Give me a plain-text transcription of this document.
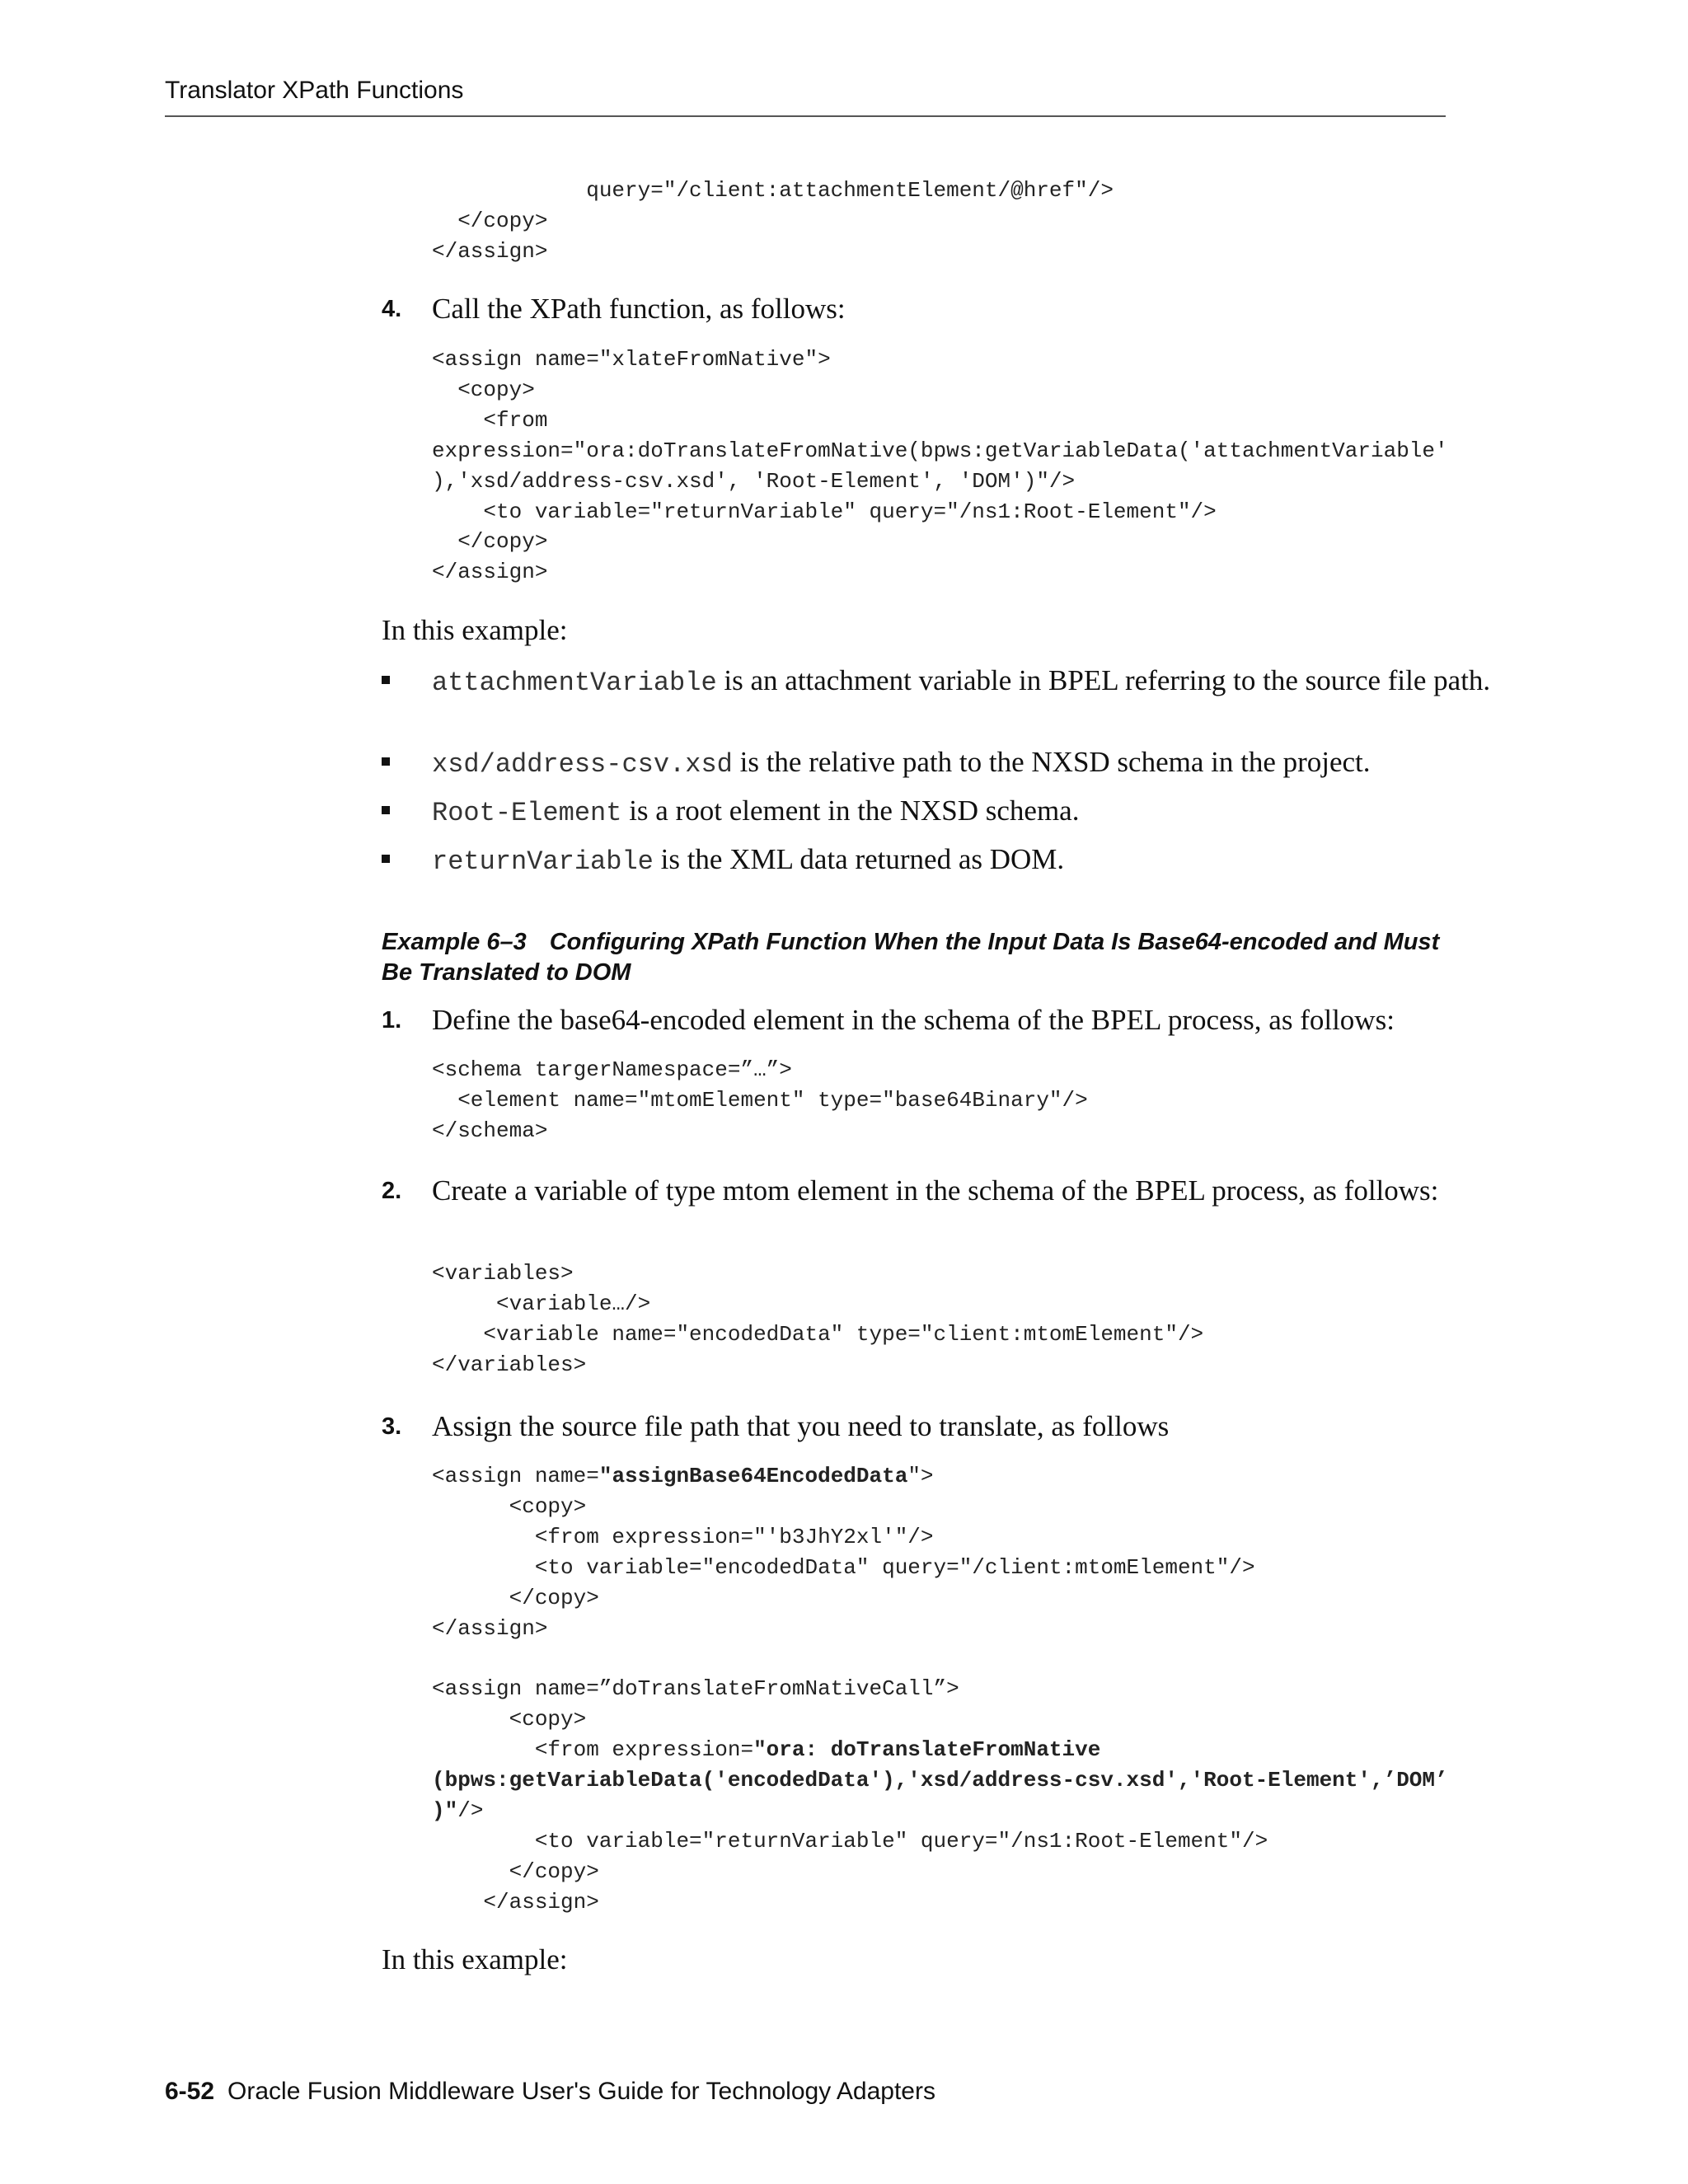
Translator XPath Functions
query="/client:attachmentElement/@href"/>
</copy>
</assign>
4. Call the XPath function, as follows:
<assign name="xlateFromNative">
<copy>
<from
expression="ora:doTranslateFromNative(bpws:getVariableData('attachmentVariable'
),'xsd/address-csv.xsd', 'Root-Element', 'DOM')"/>
<to variable="returnVariable" query="/ns1:Root-Element"/>
</copy>
</assign>
In this example:
attachmentVariable is an attachment variable in BPEL referring to the source file path.
xsd/address-csv.xsd is the relative path to the NXSD schema in the project.
Root-Element is a root element in the NXSD schema.
returnVariable is the XML data returned as DOM.
Example 6–3 Configuring XPath Function When the Input Data Is Base64-encoded and Must Be Translated to DOM
1. Define the base64-encoded element in the schema of the BPEL process, as follows:
<schema targerNamespace=”…”>
<element name="mtomElement" type="base64Binary"/>
</schema>
2. Create a variable of type mtom element in the schema of the BPEL process, as follows:
<variables>
<variable…/>
<variable name="encodedData" type="client:mtomElement"/>
</variables>
3. Assign the source file path that you need to translate, as follows
<assign name="assignBase64EncodedData">
<copy>
<from expression="'b3JhY2xl'"/>
<to variable="encodedData" query="/client:mtomElement"/>
</copy>
</assign>

<assign name=”doTranslateFromNativeCall”>
<copy>
<from expression="ora: doTranslateFromNative
(bpws:getVariableData('encodedData'),'xsd/address-csv.xsd','Root-Element',’DOM’
)"/>
<to variable="returnVariable" query="/ns1:Root-Element"/>
</copy>
</assign>
In this example:
6-52 Oracle Fusion Middleware User's Guide for Technology Adapters
